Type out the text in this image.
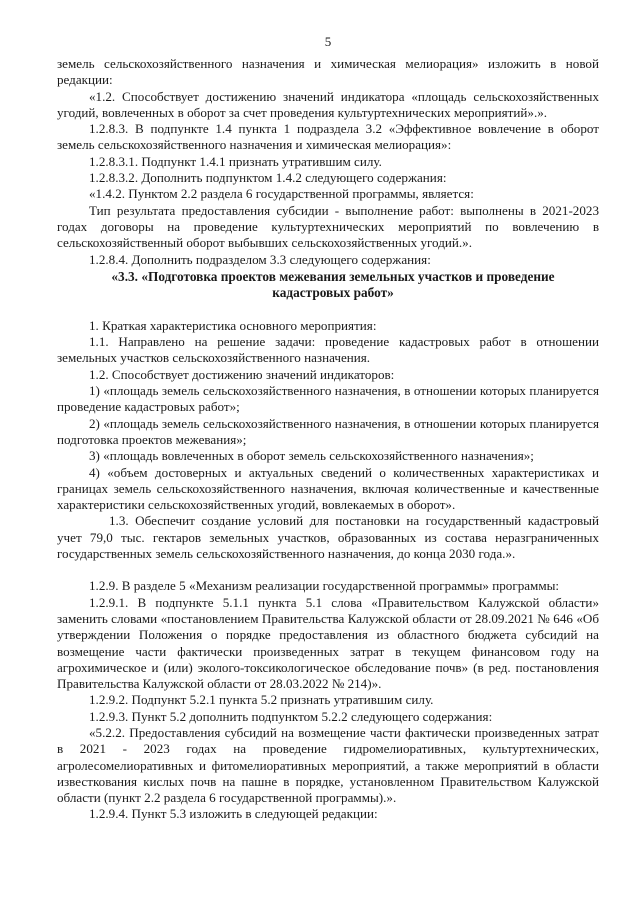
5

земель сельскохозяйственного назначения и химическая мелиорация» изложить в новой редакции:

«1.2. Способствует достижению значений индикатора «площадь сельскохозяйственных угодий, вовлеченных в оборот за счет проведения культуртехнических мероприятий».».

1.2.8.3. В подпункте 1.4 пункта 1 подраздела 3.2 «Эффективное вовлечение в оборот земель сельскохозяйственного назначения и химическая мелиорация»:

1.2.8.3.1. Подпункт 1.4.1 признать утратившим силу.

1.2.8.3.2. Дополнить подпунктом 1.4.2 следующего содержания:

«1.4.2. Пунктом 2.2 раздела 6 государственной программы, является:

Тип результата предоставления субсидии - выполнение работ: выполнены в 2021-2023 годах договоры на проведение культуртехнических мероприятий по вовлечению в сельскохозяйственный оборот выбывших сельскохозяйственных угодий.».

1.2.8.4. Дополнить подразделом 3.3 следующего содержания:

«3.3. «Подготовка проектов межевания земельных участков и проведение кадастровых работ»

1. Краткая характеристика основного мероприятия:

1.1. Направлено на решение задачи: проведение кадастровых работ в отношении земельных участков сельскохозяйственного назначения.

1.2. Способствует достижению значений индикаторов:

1) «площадь земель сельскохозяйственного назначения, в отношении которых планируется проведение кадастровых работ»;

2) «площадь земель сельскохозяйственного назначения, в отношении которых планируется подготовка проектов межевания»;

3) «площадь вовлеченных в оборот земель сельскохозяйственного назначения»;

4) «объем достоверных и актуальных сведений о количественных характеристиках и границах земель сельскохозяйственного назначения, включая количественные и качественные характеристики сельскохозяйственных угодий, вовлекаемых в оборот».

1.3. Обеспечит создание условий для постановки на государственный кадастровый учет 79,0 тыс. гектаров земельных участков, образованных из состава неразграниченных государственных земель сельскохозяйственного назначения, до конца 2030 года.».

1.2.9. В разделе 5 «Механизм реализации государственной программы» программы:

1.2.9.1. В подпункте 5.1.1 пункта 5.1 слова «Правительством Калужской области» заменить словами «постановлением Правительства Калужской области от 28.09.2021 № 646 «Об утверждении Положения о порядке предоставления из областного бюджета субсидий на возмещение части фактически произведенных затрат в текущем финансовом году на агрохимическое и (или) эколого-токсикологическое обследование почв» (в ред. постановления Правительства Калужской области от 28.03.2022 № 214)».

1.2.9.2. Подпункт 5.2.1 пункта 5.2 признать утратившим силу.

1.2.9.3. Пункт 5.2 дополнить подпунктом 5.2.2 следующего содержания:

«5.2.2. Предоставления субсидий на возмещение части фактически произведенных затрат в 2021 - 2023 годах на проведение гидромелиоративных, культуртехнических, агролесомелиоративных и фитомелиоративных мероприятий, а также мероприятий в области известкования кислых почв на пашне в порядке, установленном Правительством Калужской области (пункт 2.2 раздела 6 государственной программы).».

1.2.9.4. Пункт 5.3 изложить в следующей редакции:
